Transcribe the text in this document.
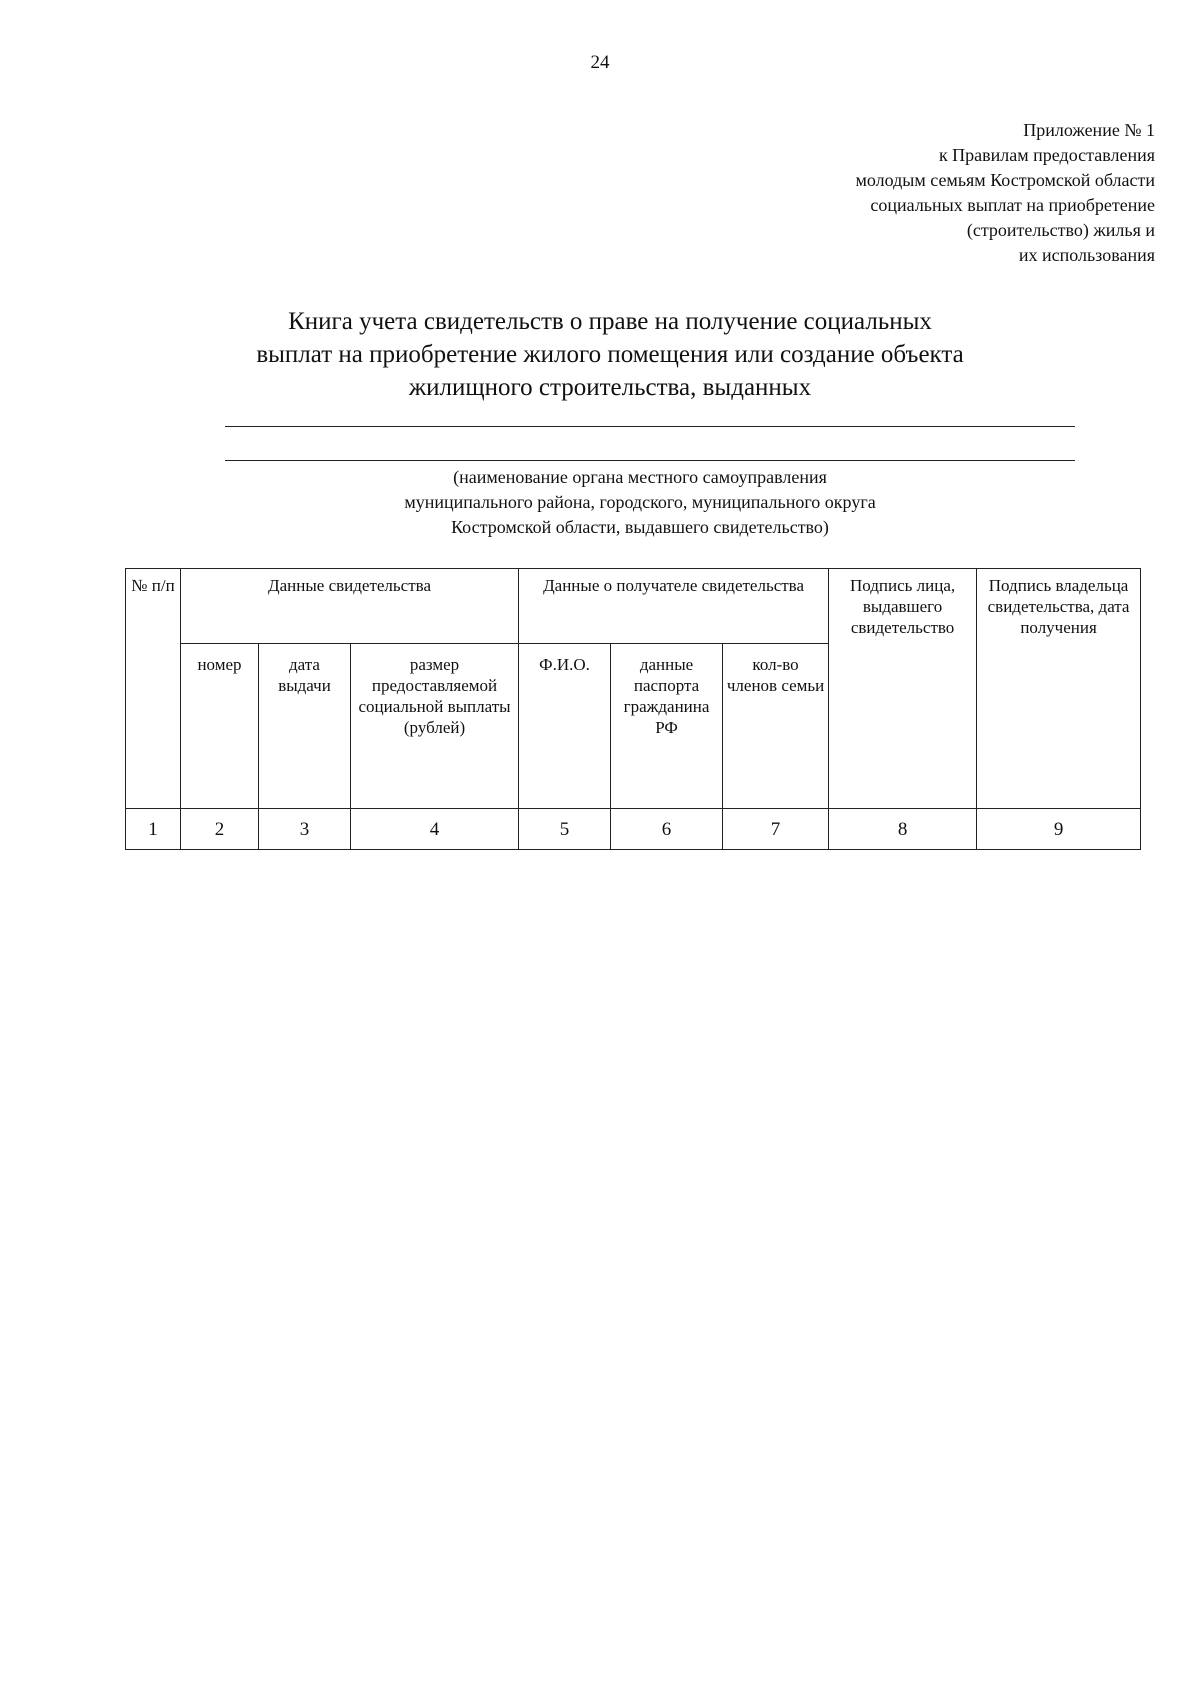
24
Приложение № 1
к Правилам предоставления
молодым семьям Костромской области
социальных выплат на приобретение
(строительство) жилья и
их использования
Книга учета свидетельств о праве на получение социальных
выплат на приобретение жилого помещения или создание объекта
жилищного строительства, выданных
(наименование органа местного самоуправления
муниципального района, городского, муниципального округа
Костромской области, выдавшего свидетельство)
№ п/п	Данные свидетельства			Данные о получателе свидетельства			Подпись лица, выдавшего свидетельство	Подпись владельца свидетельства, дата получения
	номер	дата выдачи	размер предоставляемой социальной выплаты (рублей)	Ф.И.О.	данные паспорта гражданина РФ	кол-во членов семьи		
1	2	3	4	5	6	7	8	9
